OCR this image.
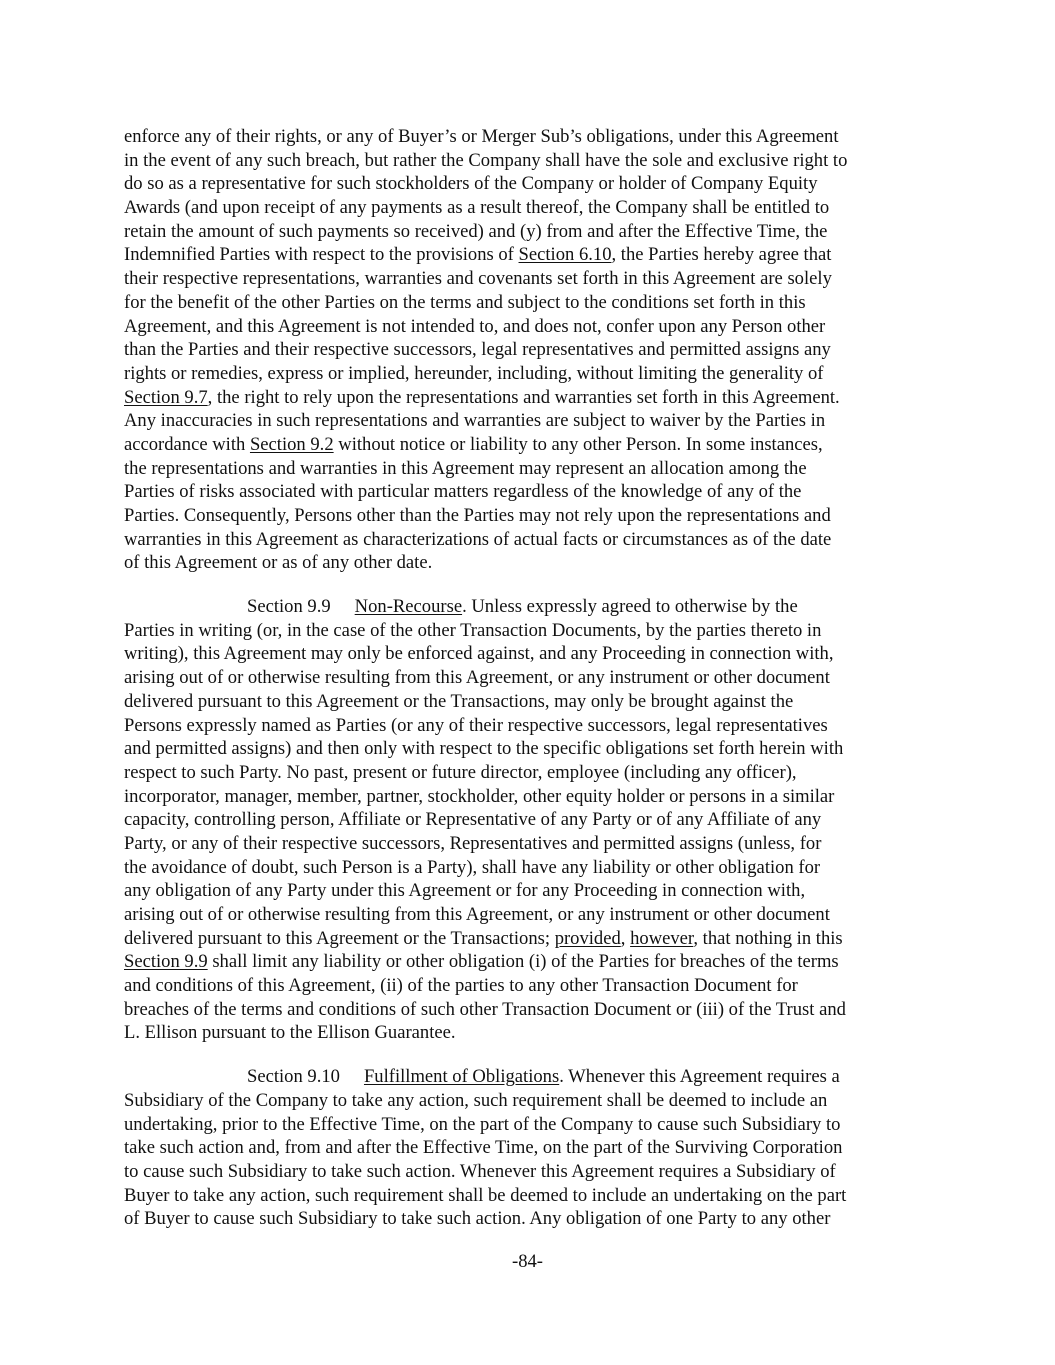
enforce any of their rights, or any of Buyer’s or Merger Sub’s obligations, under this Agreement
in the event of any such breach, but rather the Company shall have the sole and exclusive right to
do so as a representative for such stockholders of the Company or holder of Company Equity
Awards (and upon receipt of any payments as a result thereof, the Company shall be entitled to
retain the amount of such payments so received) and (y) from and after the Effective Time, the
Indemnified Parties with respect to the provisions of Section 6.10, the Parties hereby agree that
their respective representations, warranties and covenants set forth in this Agreement are solely
for the benefit of the other Parties on the terms and subject to the conditions set forth in this
Agreement, and this Agreement is not intended to, and does not, confer upon any Person other
than the Parties and their respective successors, legal representatives and permitted assigns any
rights or remedies, express or implied, hereunder, including, without limiting the generality of
Section 9.7, the right to rely upon the representations and warranties set forth in this Agreement.
Any inaccuracies in such representations and warranties are subject to waiver by the Parties in
accordance with Section 9.2 without notice or liability to any other Person. In some instances,
the representations and warranties in this Agreement may represent an allocation among the
Parties of risks associated with particular matters regardless of the knowledge of any of the
Parties. Consequently, Persons other than the Parties may not rely upon the representations and
warranties in this Agreement as characterizations of actual facts or circumstances as of the date
of this Agreement or as of any other date.
Section 9.9 Non-Recourse. Unless expressly agreed to otherwise by the
Parties in writing (or, in the case of the other Transaction Documents, by the parties thereto in
writing), this Agreement may only be enforced against, and any Proceeding in connection with,
arising out of or otherwise resulting from this Agreement, or any instrument or other document
delivered pursuant to this Agreement or the Transactions, may only be brought against the
Persons expressly named as Parties (or any of their respective successors, legal representatives
and permitted assigns) and then only with respect to the specific obligations set forth herein with
respect to such Party. No past, present or future director, employee (including any officer),
incorporator, manager, member, partner, stockholder, other equity holder or persons in a similar
capacity, controlling person, Affiliate or Representative of any Party or of any Affiliate of any
Party, or any of their respective successors, Representatives and permitted assigns (unless, for
the avoidance of doubt, such Person is a Party), shall have any liability or other obligation for
any obligation of any Party under this Agreement or for any Proceeding in connection with,
arising out of or otherwise resulting from this Agreement, or any instrument or other document
delivered pursuant to this Agreement or the Transactions; provided, however, that nothing in this
Section 9.9 shall limit any liability or other obligation (i) of the Parties for breaches of the terms
and conditions of this Agreement, (ii) of the parties to any other Transaction Document for
breaches of the terms and conditions of such other Transaction Document or (iii) of the Trust and
L. Ellison pursuant to the Ellison Guarantee.
Section 9.10 Fulfillment of Obligations. Whenever this Agreement requires a
Subsidiary of the Company to take any action, such requirement shall be deemed to include an
undertaking, prior to the Effective Time, on the part of the Company to cause such Subsidiary to
take such action and, from and after the Effective Time, on the part of the Surviving Corporation
to cause such Subsidiary to take such action. Whenever this Agreement requires a Subsidiary of
Buyer to take any action, such requirement shall be deemed to include an undertaking on the part
of Buyer to cause such Subsidiary to take such action. Any obligation of one Party to any other
-84-
